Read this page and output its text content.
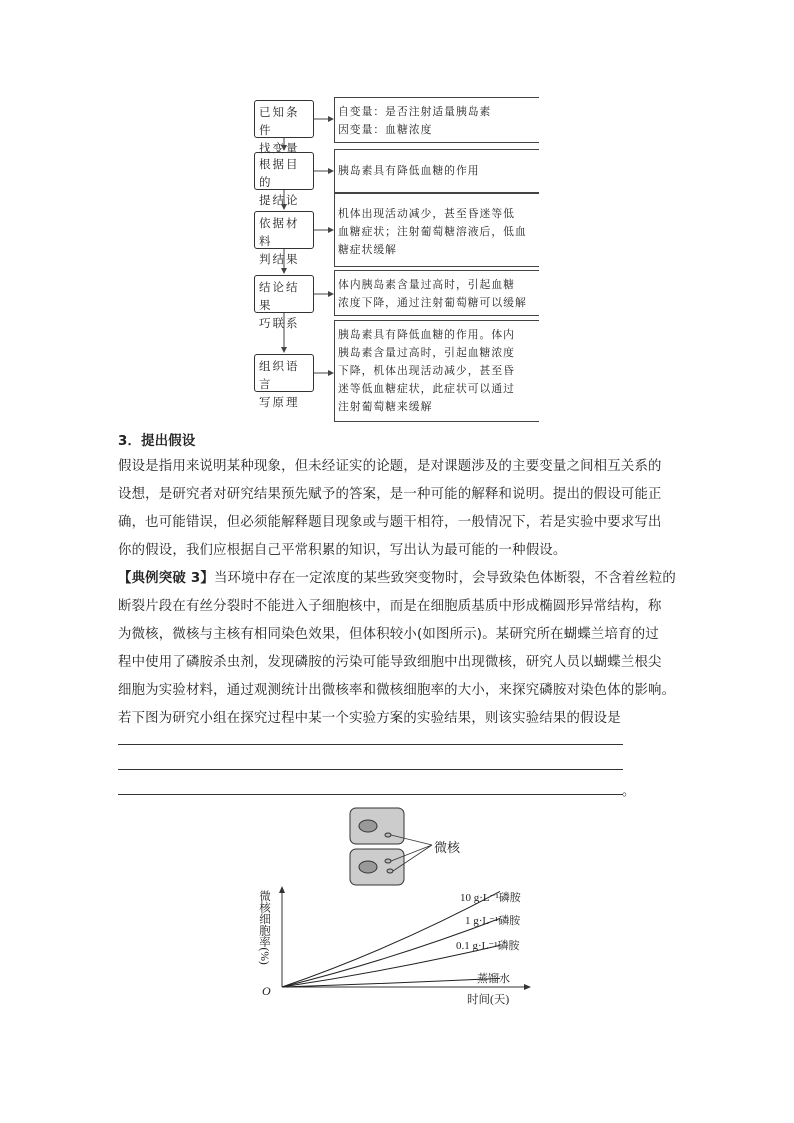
已知条件
找变量
根据目的
提结论
依据材料
判结果
结论结果
巧联系
组织语言
写原理
自变量：是否注射适量胰岛素
因变量：血糖浓度
胰岛素具有降低血糖的作用
机体出现活动减少，甚至昏迷等低
血糖症状；注射葡萄糖溶液后，低血
糖症状缓解
体内胰岛素含量过高时，引起血糖
浓度下降，通过注射葡萄糖可以缓解
胰岛素具有降低血糖的作用。体内
胰岛素含量过高时，引起血糖浓度
下降，机体出现活动减少，甚至昏
迷等低血糖症状，此症状可以通过
注射葡萄糖来缓解
3．提出假设
假设是指用来说明某种现象，但未经证实的论题，是对课题涉及的主要变量之间相互关系的
设想，是研究者对研究结果预先赋予的答案，是一种可能的解释和说明。提出的假设可能正
确，也可能错误，但必须能解释题目现象或与题干相符，一般情况下，若是实验中要求写出
你的假设，我们应根据自己平常积累的知识，写出认为最可能的一种假设。
【典例突破 3】当环境中存在一定浓度的某些致突变物时，会导致染色体断裂，不含着丝粒的
断裂片段在有丝分裂时不能进入子细胞核中，而是在细胞质基质中形成椭圆形异常结构，称
为微核，微核与主核有相同染色效果，但体积较小(如图所示)。某研究所在蝴蝶兰培育的过
程中使用了磷胺杀虫剂，发现磷胺的污染可能导致细胞中出现微核，研究人员以蝴蝶兰根尖
细胞为实验材料，通过观测统计出微核率和微核细胞率的大小，来探究磷胺对染色体的影响。
若下图为研究小组在探究过程中某一个实验方案的实验结果，则该实验结果的假设是
。
微核
O
微核细胞率(%)
时间(天)
10 g·L⁻¹磷胺
1 g·L⁻¹磷胺
0.1 g·L⁻¹磷胺
蒸馏水
